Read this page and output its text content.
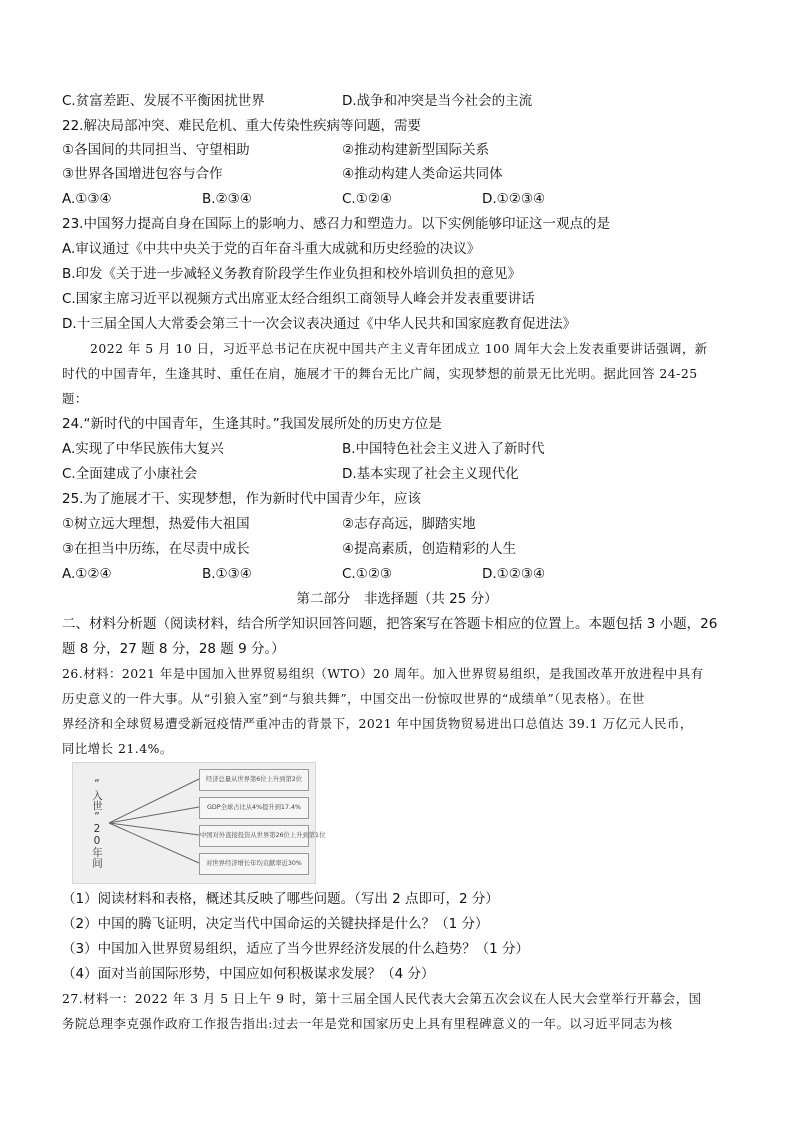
C.贫富差距、发展不平衡困扰世界	D.战争和冲突是当今社会的主流
22.解决局部冲突、难民危机、重大传染性疾病等问题，需要
①各国间的共同担当、守望相助	②推动构建新型国际关系
③世界各国增进包容与合作	④推动构建人类命运共同体
A.①③④	B.②③④	C.①②④	D.①②③④
23.中国努力提高自身在国际上的影响力、感召力和塑造力。以下实例能够印证这一观点的是
A.审议通过《中共中央关于党的百年奋斗重大成就和历史经验的决议》
B.印发《关于进一步减轻义务教育阶段学生作业负担和校外培训负担的意见》
C.国家主席习近平以视频方式出席亚太经合组织工商领导人峰会并发表重要讲话
D.十三届全国人大常委会第三十一次会议表决通过《中华人民共和国家庭教育促进法》
2022 年 5 月 10 日，习近平总书记在庆祝中国共产主义青年团成立 100 周年大会上发表重要讲话强调，新
时代的中国青年，生逢其时、重任在肩，施展才干的舞台无比广阔，实现梦想的前景无比光明。据此回答 24-25
题：
24.“新时代的中国青年，生逢其时。”我国发展所处的历史方位是
A.实现了中华民族伟大复兴	B.中国特色社会主义进入了新时代
C.全面建成了小康社会	D.基本实现了社会主义现代化
25.为了施展才干、实现梦想，作为新时代中国青少年，应该
①树立远大理想，热爱伟大祖国	②志存高远，脚踏实地
③在担当中历练，在尽责中成长	④提高素质，创造精彩的人生
A.①②④	B.①③④	C.①②③	D.①②③④
第二部分　非选择题（共 25 分）
二、材料分析题（阅读材料，结合所学知识回答问题，把答案写在答题卡相应的位置上。本题包括 3 小题，26
题 8 分，27 题 8 分，28 题 9 分。）
26.材料：2021 年是中国加入世界贸易组织（WTO）20 周年。加入世界贸易组织，是我国改革开放进程中具有
历史意义的一件大事。从“引狼入室”到“与狼共舞”，中国交出一份惊叹世界的“成绩单”（见表格）。在世
界经济和全球贸易遭受新冠疫情严重冲击的背景下，2021 年中国货物贸易进出口总值达 39.1 万亿元人民币，
同比增长 21.4%。
“入世”20年间	经济总量从世界第6位上升到第2位
GDP全球占比从4%提升到17.4%
中国对外直接投资从世界第26位上升到第1位
对世界经济增长年均贡献率近30%
（1）阅读材料和表格，概述其反映了哪些问题。（写出 2 点即可，2 分）
（2）中国的腾飞证明，决定当代中国命运的关键抉择是什么？（1 分）
（3）中国加入世界贸易组织，适应了当今世界经济发展的什么趋势？（1 分）
（4）面对当前国际形势，中国应如何积极谋求发展？（4 分）
27.材料一：2022 年 3 月 5 日上午 9 时，第十三届全国人民代表大会第五次会议在人民大会堂举行开幕会，国
务院总理李克强作政府工作报告指出:过去一年是党和国家历史上具有里程碑意义的一年。以习近平同志为核
